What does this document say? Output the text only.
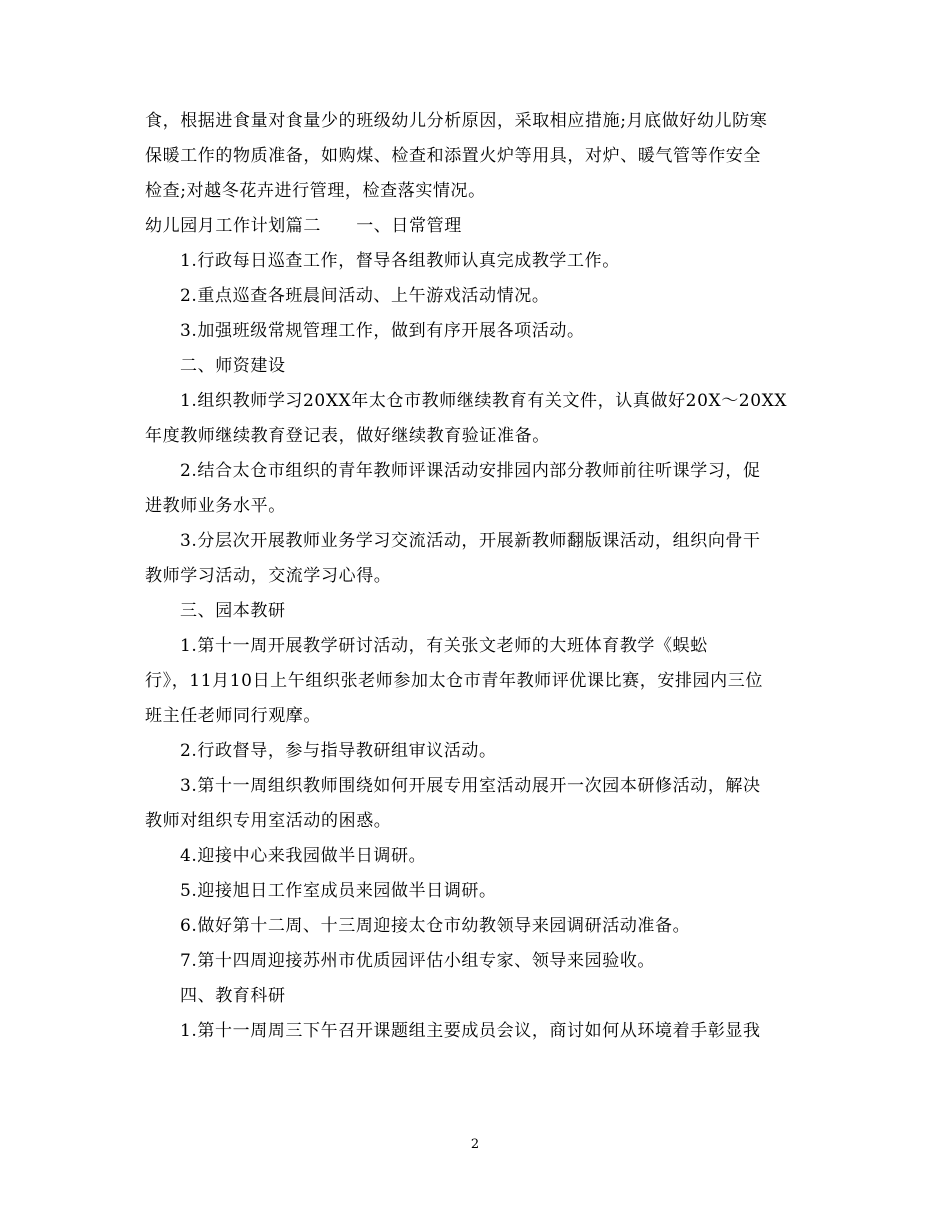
食，根据进食量对食量少的班级幼儿分析原因，采取相应措施;月底做好幼儿防寒
保暖工作的物质准备，如购煤、检查和添置火炉等用具，对炉、暖气管等作安全
检查;对越冬花卉进行管理，检查落实情况。
幼儿园月工作计划篇二　　一、日常管理
1.行政每日巡查工作，督导各组教师认真完成教学工作。
2.重点巡查各班晨间活动、上午游戏活动情况。
3.加强班级常规管理工作，做到有序开展各项活动。
二、师资建设
1.组织教师学习20XX年太仓市教师继续教育有关文件，认真做好20X～20XX
年度教师继续教育登记表，做好继续教育验证准备。
2.结合太仓市组织的青年教师评课活动安排园内部分教师前往听课学习，促
进教师业务水平。
3.分层次开展教师业务学习交流活动，开展新教师翻版课活动，组织向骨干
教师学习活动，交流学习心得。
三、园本教研
1.第十一周开展教学研讨活动，有关张文老师的大班体育教学《蜈蚣
行》，11月10日上午组织张老师参加太仓市青年教师评优课比赛，安排园内三位
班主任老师同行观摩。
2.行政督导，参与指导教研组审议活动。
3.第十一周组织教师围绕如何开展专用室活动展开一次园本研修活动，解决
教师对组织专用室活动的困惑。
4.迎接中心来我园做半日调研。
5.迎接旭日工作室成员来园做半日调研。
6.做好第十二周、十三周迎接太仓市幼教领导来园调研活动准备。
7.第十四周迎接苏州市优质园评估小组专家、领导来园验收。
四、教育科研
1.第十一周周三下午召开课题组主要成员会议，商讨如何从环境着手彰显我
2
